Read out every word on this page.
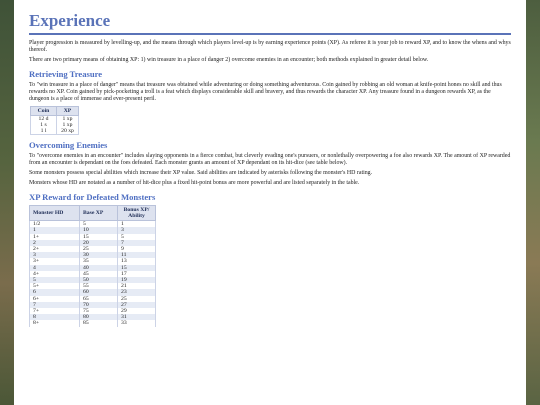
Experience

Player progression is measured by levelling-up, and the means through which players level-up is by earning experience points (XP). As referee it is your job to reward XP, and to know the whens and whys thereof.

There are two primary means of obtaining XP: 1) win treasure in a place of danger 2) overcome enemies in an encounter; both methods explained in greater detail below.

Retrieving Treasure

To "win treasure in a place of danger" means that treasure was obtained while adventuring or doing something adventurous. Coin gained by robbing an old woman at knife-point hones no skill and thus rewards no XP. Coin gained by pick-pocketing a troll is a feat which displays considerable skill and bravery, and thus rewards the character XP. Any treasure found in a dungeon rewards XP, as the dungeon is a place of immense and ever-present peril.

Coin	XP
12 d	1 xp
1 s	1 xp
1 l	20 xp
Overcoming Enemies

To "overcome enemies in an encounter" includes slaying opponents in a fierce combat, but cleverly evading one's pursuers, or nonlethally overpowering a foe also rewards XP. The amount of XP rewarded from an encounter is dependant on the foes defeated. Each monster grants an amount of XP dependant on its hit-dice (see table below).

Some monsters possess special abilities which increase their XP value. Said abilities are indicated by asterisks following the monster's HD rating.

Monsters whose HD are notated as a number of hit-dice plus a fixed hit-point bonus are more powerful and are listed separately in the table.

XP Reward for Defeated Monsters
Monster HD	Base XP	Bonus XP/ Ability
1/2	5	1
1	10	3
1+	15	5
2	20	7
2+	25	9
3	30	11
3+	35	13
4	40	15
4+	45	17
5	50	19
5+	55	21
6	60	23
6+	65	25
7	70	27
7+	75	29
8	80	31
8+	85	33
